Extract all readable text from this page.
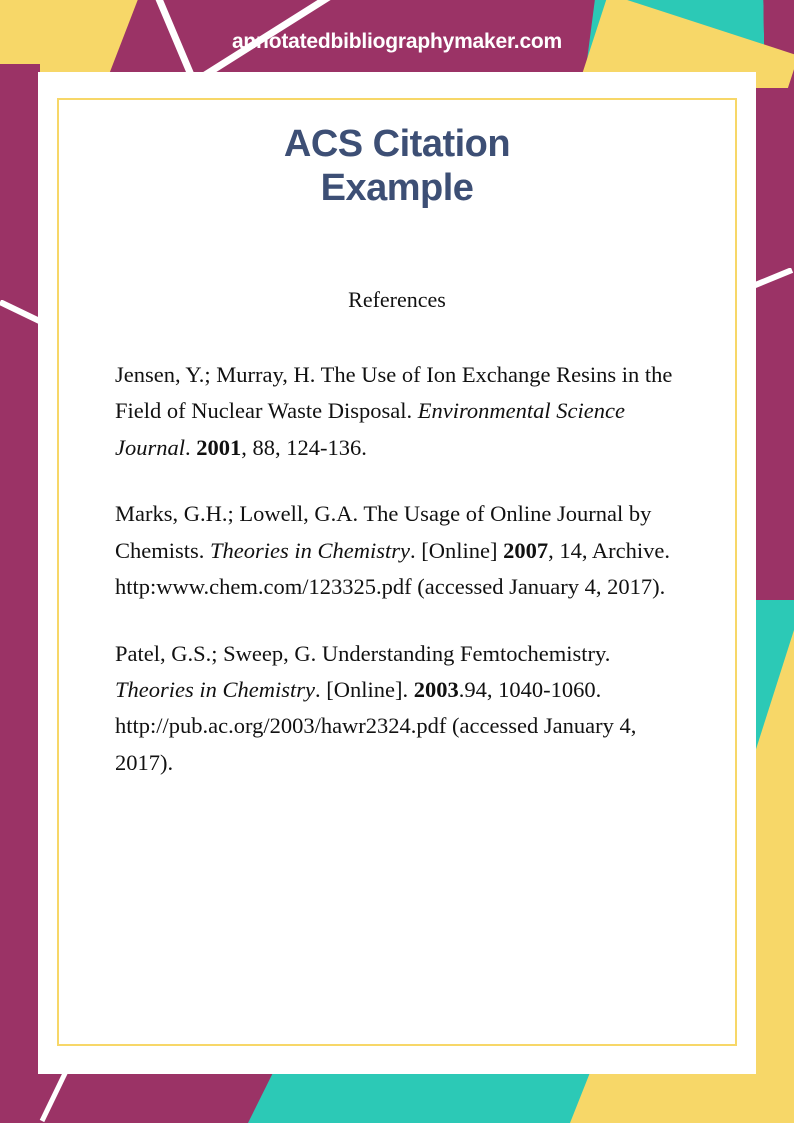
annotatedbibliographymaker.com
ACS Citation
Example
References

Jensen, Y.; Murray, H. The Use of Ion Exchange Resins in the Field of Nuclear Waste Disposal. Environmental Science Journal. 2001, 88, 124-136.

Marks, G.H.; Lowell, G.A. The Usage of Online Journal by Chemists. Theories in Chemistry. [Online] 2007, 14, Archive. http:www.chem.com/123325.pdf (accessed January 4, 2017).

Patel, G.S.; Sweep, G. Understanding Femtochemistry. Theories in Chemistry. [Online]. 2003.94, 1040-1060. http://pub.ac.org/2003/hawr2324.pdf (accessed January 4, 2017).
